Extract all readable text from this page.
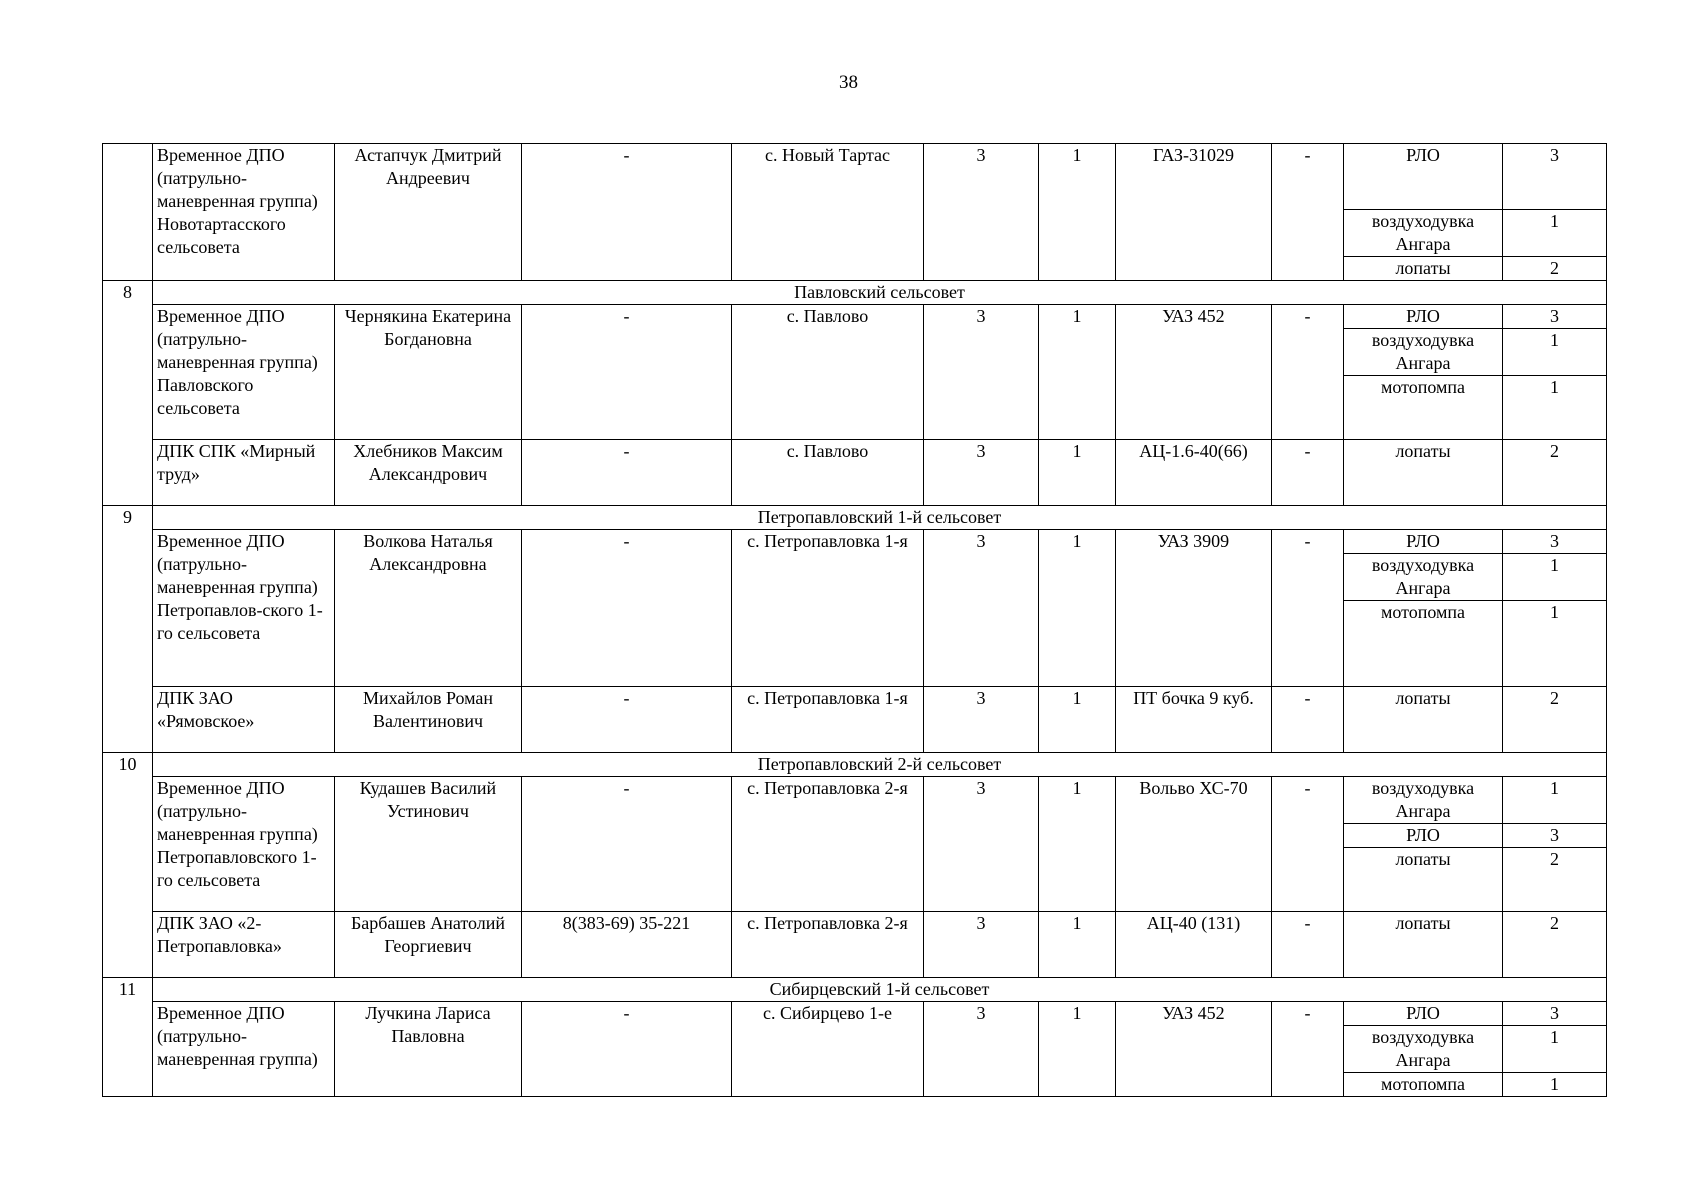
38
	Временное ДПО (патрульно-маневренная группа) Новотартасского сельсовета	Астапчук Дмитрий Андреевич	-	с. Новый Тартас	3	1	ГАЗ-31029	-	РЛО	3
									воздуходувка Ангара	1
									лопаты	2
8	Павловский сельсовет									
	Временное ДПО (патрульно-маневренная группа) Павловского сельсовета	Чернякина Екатерина Богдановна	-	с. Павлово	3	1	УАЗ 452	-	РЛО	3
									воздуходувка Ангара	1
									мотопомпа	1
	ДПК СПК «Мирный труд»	Хлебников Максим Александрович	-	с. Павлово	3	1	АЦ-1.6-40(66)	-	лопаты	2
9	Петропавловский 1-й сельсовет									
	Временное ДПО (патрульно-маневренная группа) Петропавлов-ского 1-го сельсовета	Волкова Наталья Александровна	-	с. Петропавловка 1-я	3	1	УАЗ 3909	-	РЛО	3
									воздуходувка Ангара	1
									мотопомпа	1
	ДПК ЗАО «Рямовское»	Михайлов Роман Валентинович	-	с. Петропавловка 1-я	3	1	ПТ бочка 9 куб.	-	лопаты	2
10	Петропавловский 2-й сельсовет									
	Временное ДПО (патрульно-маневренная группа) Петропавловского 1-го сельсовета	Кудашев Василий Устинович	-	с. Петропавловка 2-я	3	1	Вольво ХС-70	-	воздуходувка Ангара	1
									РЛО	3
									лопаты	2
	ДПК ЗАО «2-Петропавловка»	Барбашев Анатолий Георгиевич	8(383-69) 35-221	с. Петропавловка 2-я	3	1	АЦ-40 (131)	-	лопаты	2
11	Сибирцевский 1-й сельсовет									
	Временное ДПО (патрульно-маневренная группа)	Лучкина Лариса Павловна	-	с. Сибирцево 1-е	3	1	УАЗ 452	-	РЛО	3
									воздуходувка Ангара	1
									мотопомпа	1
